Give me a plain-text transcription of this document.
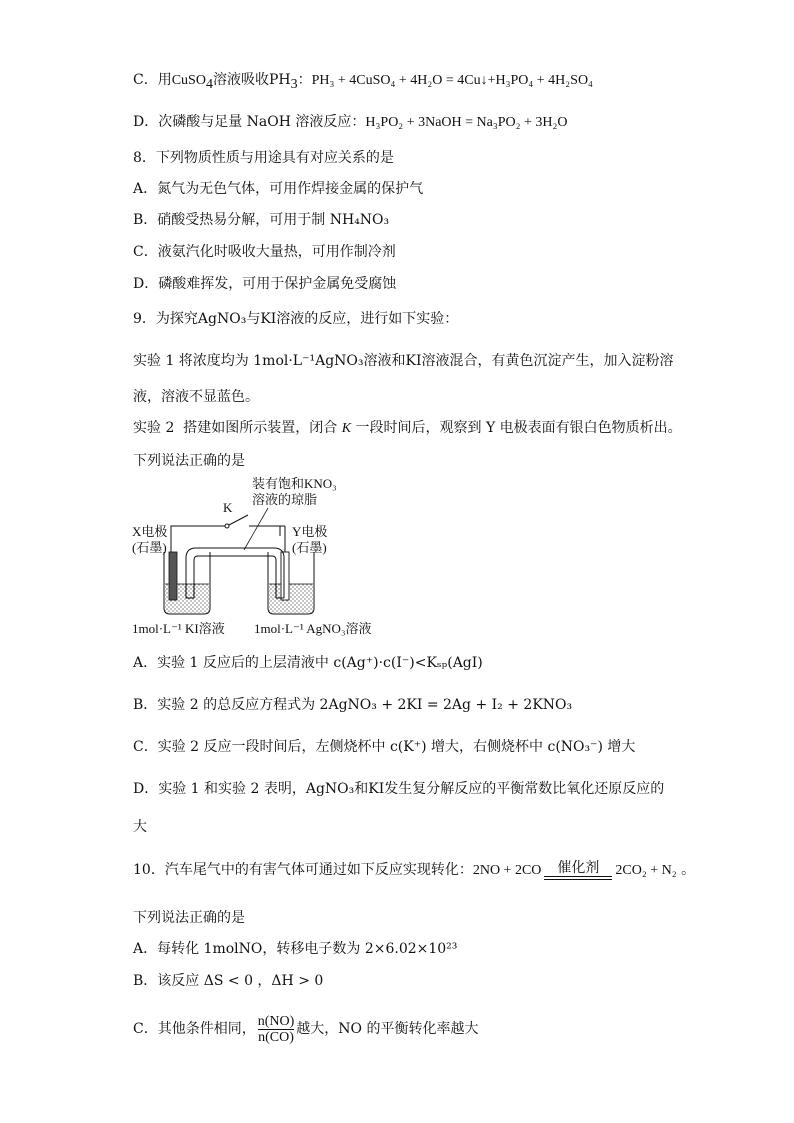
C．用CuSO$_4$溶液吸收$PH_3$：PH₃ + 4CuSO₄ + 4H₂O = 4Cu↓+H₃PO₄ + 4H₂SO₄
D．次磷酸与足量 NaOH 溶液反应：H₃PO₂ + 3NaOH = Na₃PO₂ + 3H₂O
8．下列物质性质与用途具有对应关系的是
A．氮气为无色气体，可用作焊接金属的保护气
B．硝酸受热易分解，可用于制 NH₄NO₃
C．液氨汽化时吸收大量热，可用作制冷剂
D．磷酸难挥发，可用于保护金属免受腐蚀
9．为探究AgNO₃与KI溶液的反应，进行如下实验：
实验 1 将浓度均为 1mol·L⁻¹AgNO₃溶液和KI溶液混合，有黄色沉淀产生，加入淀粉溶
液，溶液不显蓝色。
实验 2  搭建如图所示装置，闭合 K 一段时间后，观察到 Y 电极表面有银白色物质析出。
下列说法正确的是
装有饱和KNO₃
溶液的琼脂
K
X电极
(石墨)
Y电极
(石墨)
1mol·L⁻¹ KI溶液 1mol·L⁻¹ AgNO₃溶液
A．实验 1 反应后的上层清液中 c(Ag⁺)·c(I⁻)<Kₛₚ(AgI)
B．实验 2 的总反应方程式为 2AgNO₃ + 2KI = 2Ag + I₂ + 2KNO₃
C．实验 2 反应一段时间后，左侧烧杯中 c(K⁺) 增大，右侧烧杯中 c(NO₃⁻) 增大
D．实验 1 和实验 2 表明，AgNO₃和KI发生复分解反应的平衡常数比氧化还原反应的
大
10．汽车尾气中的有害气体可通过如下反应实现转化：2NO + 2CO	催化剂	2CO₂ + N₂ 。
下列说法正确的是
A．每转化 1molNO，转移电子数为 2×6.02×10²³
B．该反应 ΔS < 0 ，ΔH > 0
C．其他条件相同， $\frac{n(NO)}{n(CO)}$ 越大，NO 的平衡转化率越大
